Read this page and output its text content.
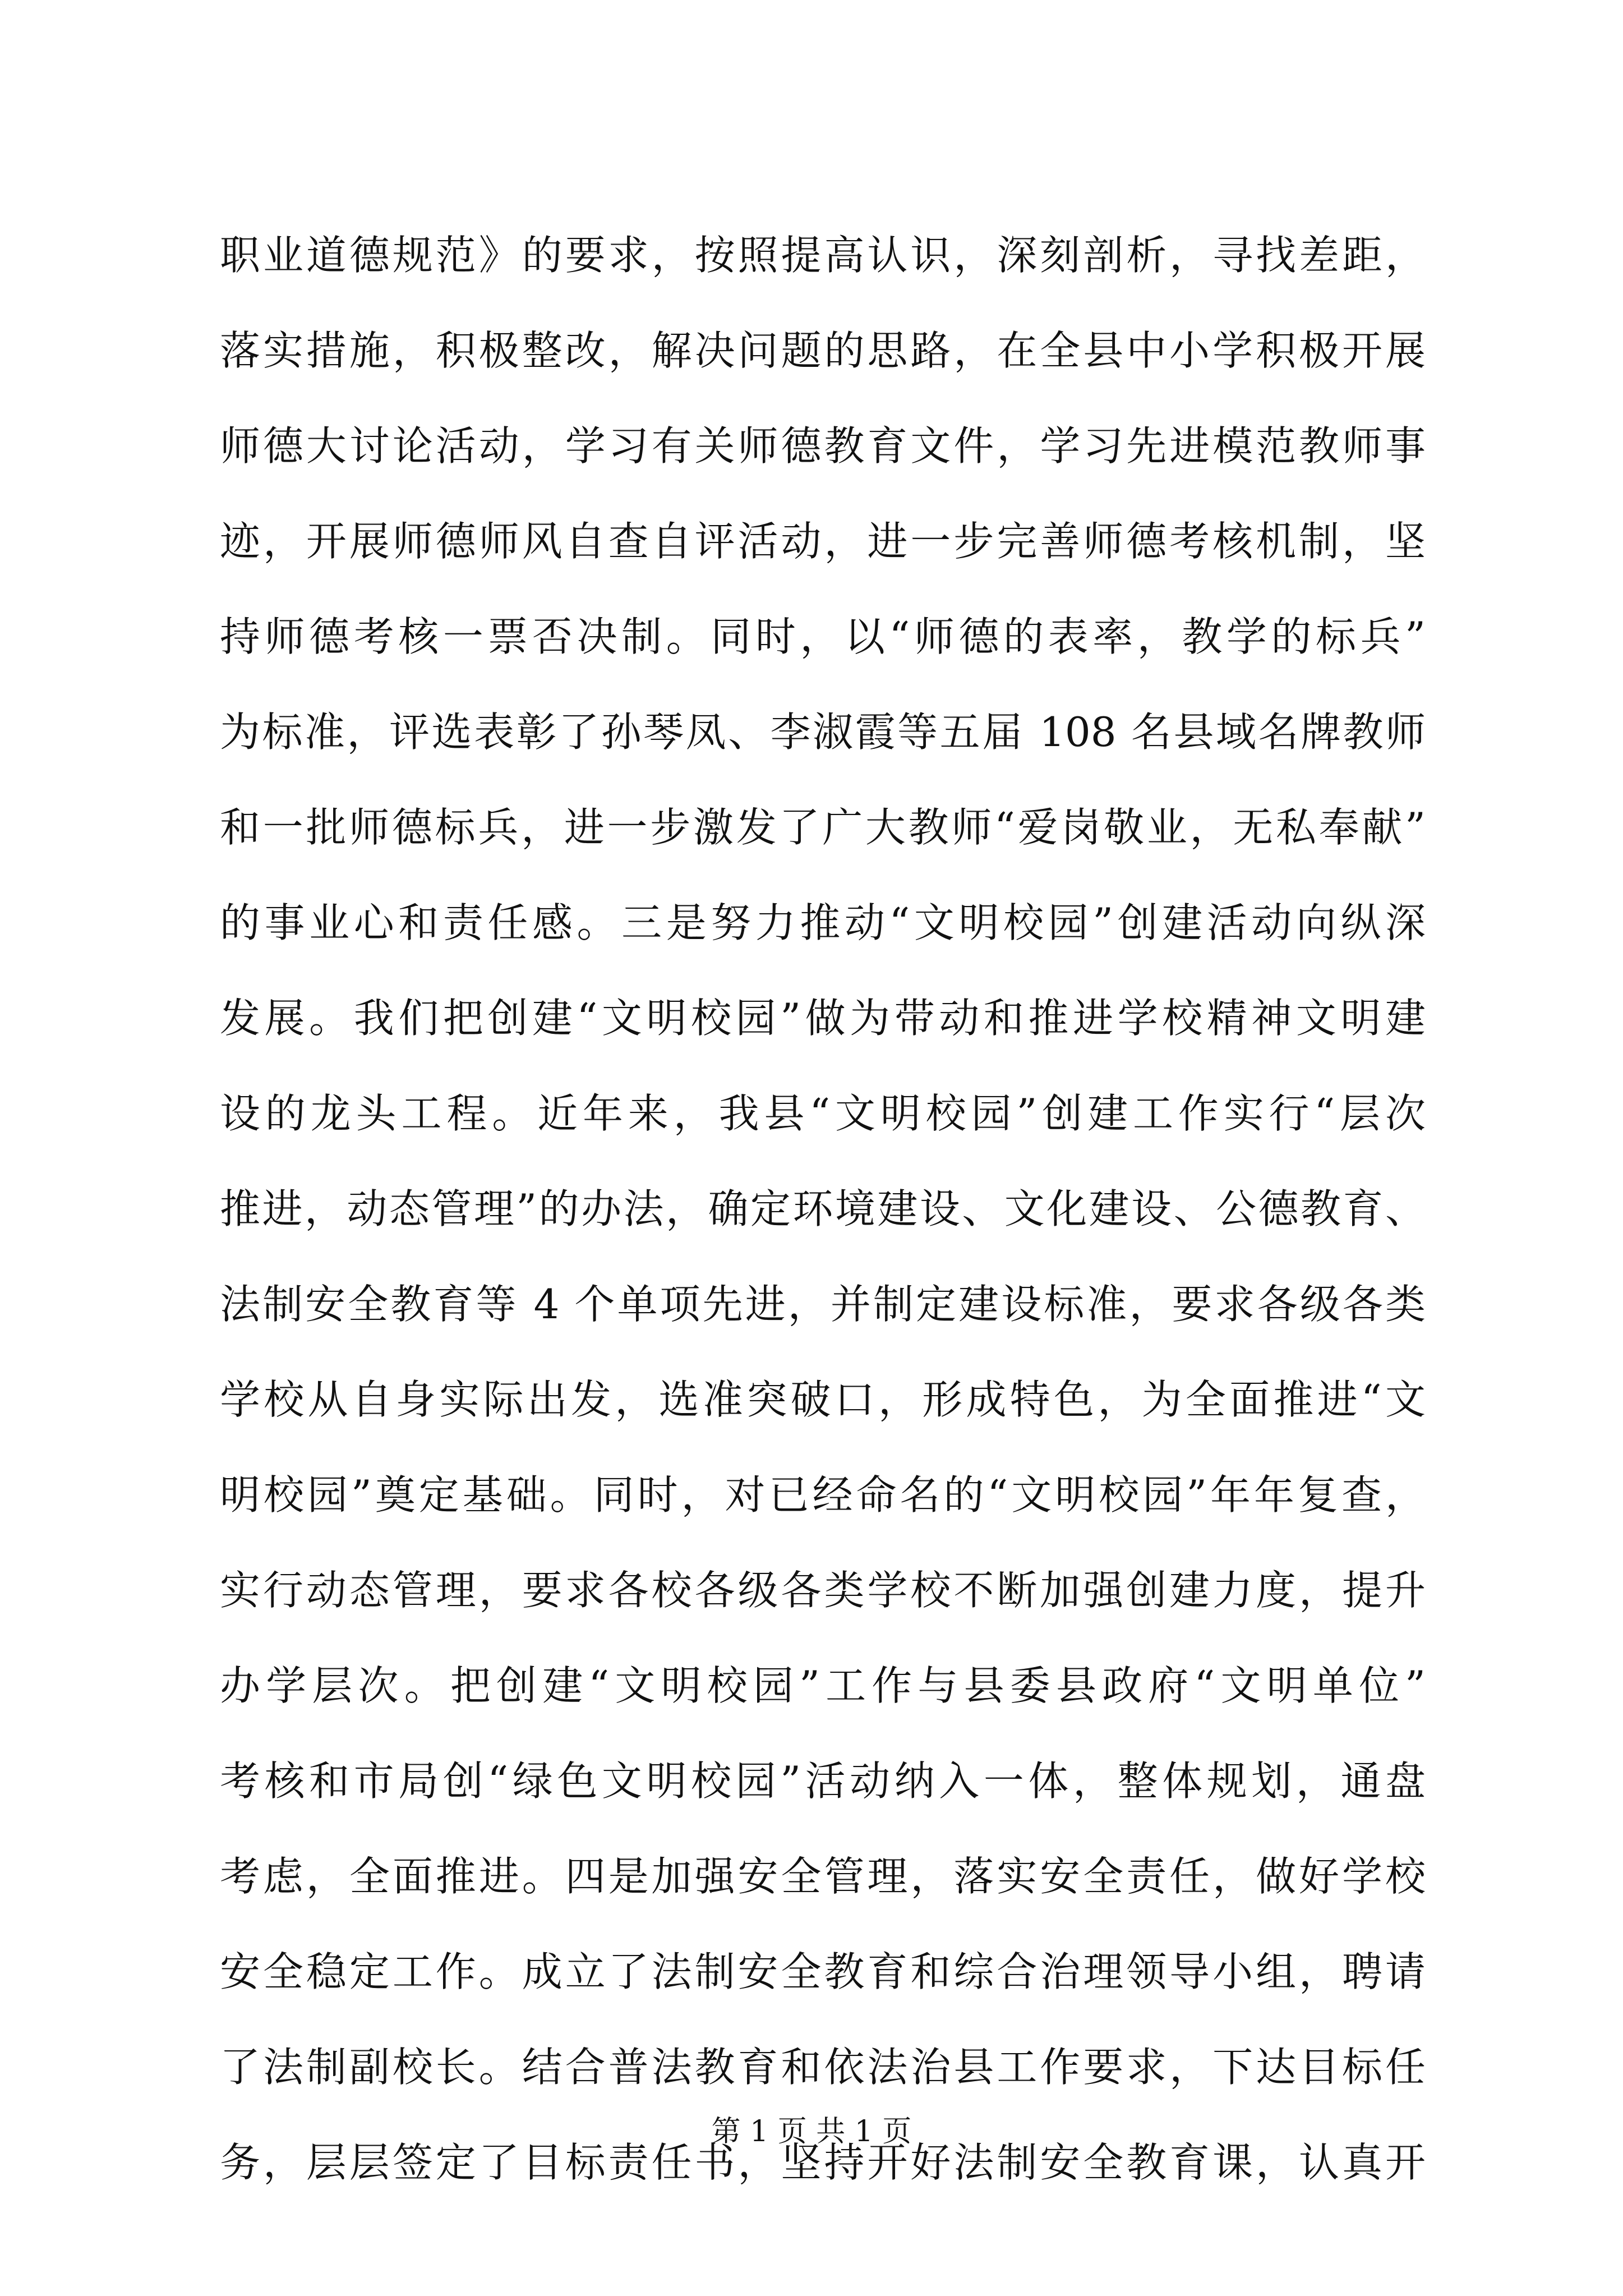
职业道德规范》的要求，按照提高认识，深刻剖析，寻找差距，
落实措施，积极整改，解决问题的思路，在全县中小学积极开展
师德大讨论活动，学习有关师德教育文件，学习先进模范教师事
迹，开展师德师风自查自评活动，进一步完善师德考核机制，坚
持师德考核一票否决制。同时，以“师德的表率，教学的标兵”
为标准，评选表彰了孙琴凤、李淑霞等五届 108 名县域名牌教师
和一批师德标兵，进一步激发了广大教师“爱岗敬业，无私奉献”
的事业心和责任感。三是努力推动“文明校园”创建活动向纵深
发展。我们把创建“文明校园”做为带动和推进学校精神文明建
设的龙头工程。近年来，我县“文明校园”创建工作实行“层次
推进，动态管理”的办法，确定环境建设、文化建设、公德教育、
法制安全教育等 4 个单项先进，并制定建设标准，要求各级各类
学校从自身实际出发，选准突破口，形成特色，为全面推进“文
明校园”奠定基础。同时，对已经命名的“文明校园”年年复查，
实行动态管理，要求各校各级各类学校不断加强创建力度，提升
办学层次。把创建“文明校园”工作与县委县政府“文明单位”
考核和市局创“绿色文明校园”活动纳入一体，整体规划，通盘
考虑，全面推进。四是加强安全管理，落实安全责任，做好学校
安全稳定工作。成立了法制安全教育和综合治理领导小组，聘请
了法制副校长。结合普法教育和依法治县工作要求，下达目标任
务，层层签定了目标责任书，坚持开好法制安全教育课，认真开
第 1 页 共 1 页
